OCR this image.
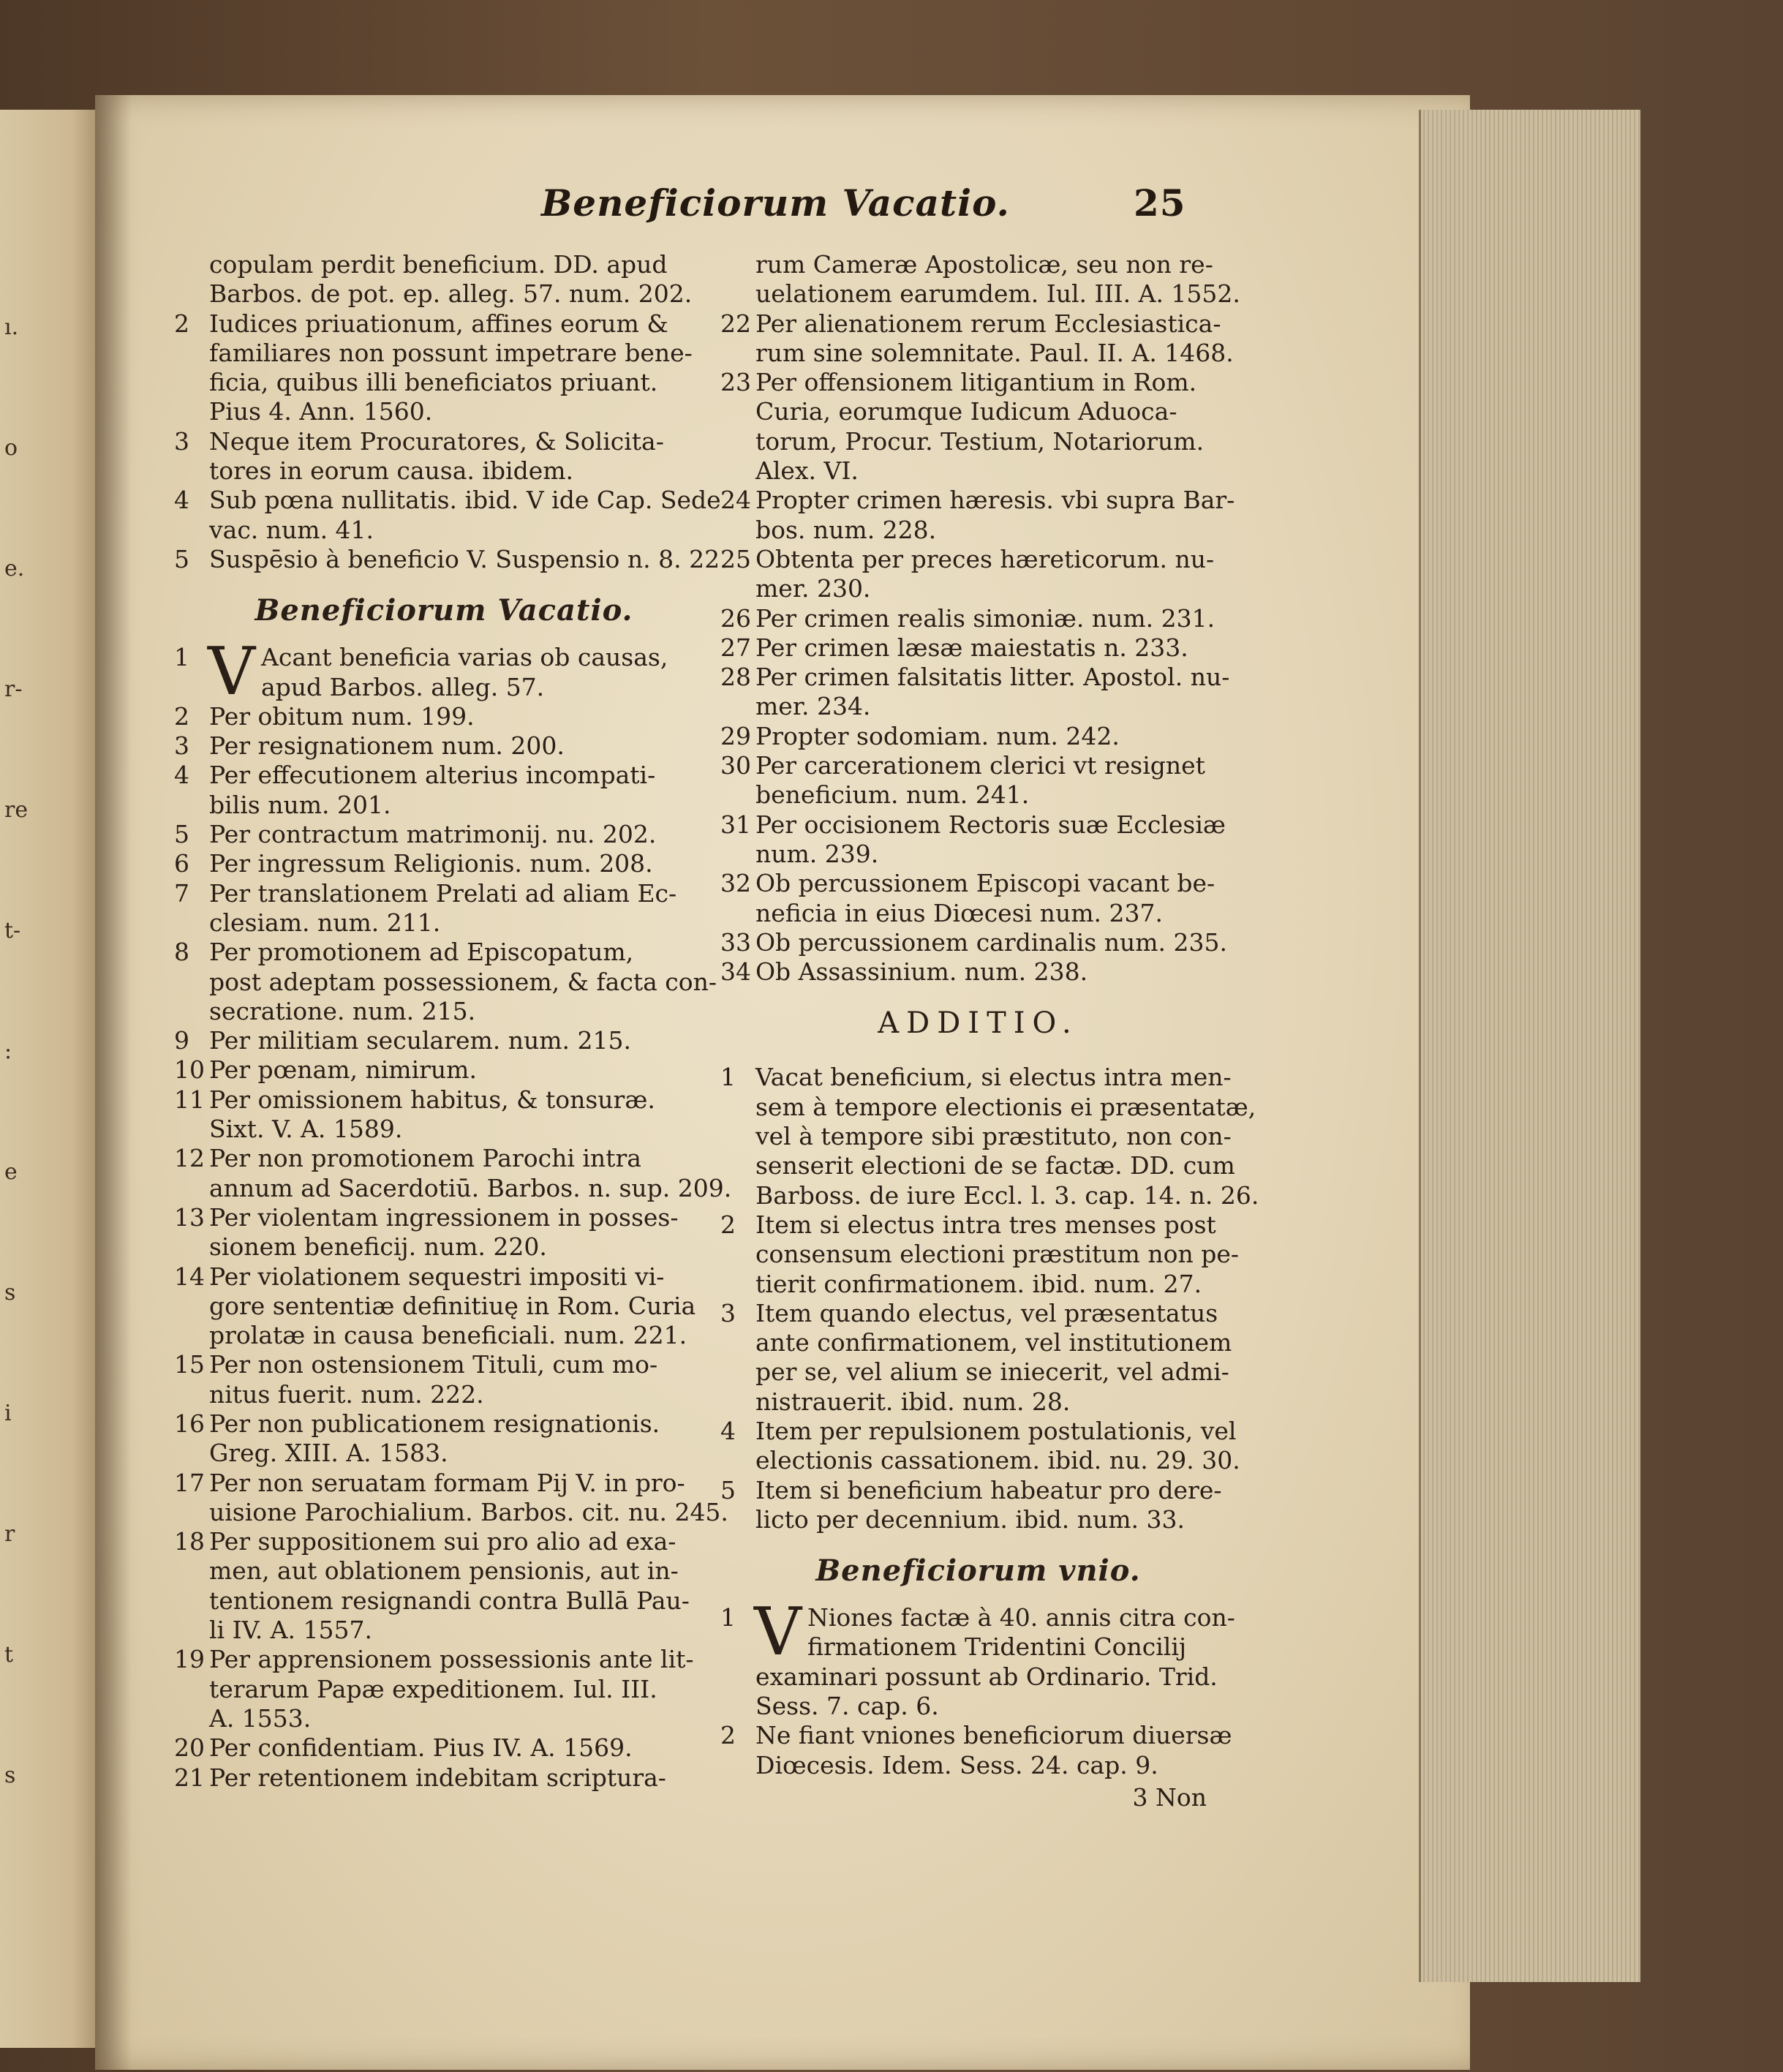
ı.
o
e.
r-
re
t-
:
e
s
i
r
t
s
Beneficiorum Vacatio.	25
copulam perdit beneficium. DD. apud
Barbos. de pot. ep. alleg. 57. num. 202.
2 Iudices priuationum, affines eorum &
familiares non possunt impetrare bene-
ficia, quibus illi beneficiatos priuant.
Pius 4. Ann. 1560.
3 Neque item Procuratores, & Solicita-
tores in eorum causa. ibidem.
4 Sub pœna nullitatis. ibid. V ide Cap. Sede
vac. num. 41.
5 Suspēsio à beneficio V. Suspensio n. 8. 22.
Beneficiorum Vacatio.
1 V Acant beneficia varias ob causas,
apud Barbos. alleg. 57.
2 Per obitum num. 199.
3 Per resignationem num. 200.
4 Per effecutionem alterius incompati-
bilis num. 201.
5 Per contractum matrimonij. nu. 202.
6 Per ingressum Religionis. num. 208.
7 Per translationem Prelati ad aliam Ec-
clesiam. num. 211.
8 Per promotionem ad Episcopatum,
post adeptam possessionem, & facta con-
secratione. num. 215.
9 Per militiam secularem. num. 215.
10 Per pœnam, nimirum.
11 Per omissionem habitus, & tonsuræ.
Sixt. V. A. 1589.
12 Per non promotionem Parochi intra
annum ad Sacerdotiū. Barbos. n. sup. 209.
13 Per violentam ingressionem in posses-
sionem beneficij. num. 220.
14 Per violationem sequestri impositi vi-
gore sententiæ definitiuę in Rom. Curia
prolatæ in causa beneficiali. num. 221.
15 Per non ostensionem Tituli, cum mo-
nitus fuerit. num. 222.
16 Per non publicationem resignationis.
Greg. XIII. A. 1583.
17 Per non seruatam formam Pij V. in pro-
uisione Parochialium. Barbos. cit. nu. 245.
18 Per suppositionem sui pro alio ad exa-
men, aut oblationem pensionis, aut in-
tentionem resignandi contra Bullā Pau-
li IV. A. 1557.
19 Per apprensionem possessionis ante lit-
terarum Papæ expeditionem. Iul. III.
A. 1553.
20 Per confidentiam. Pius IV. A. 1569.
21 Per retentionem indebitam scriptura-
rum Cameræ Apostolicæ, seu non re-
uelationem earumdem. Iul. III. A. 1552.
22 Per alienationem rerum Ecclesiastica-
rum sine solemnitate. Paul. II. A. 1468.
23 Per offensionem litigantium in Rom.
Curia, eorumque Iudicum Aduoca-
torum, Procur. Testium, Notariorum.
Alex. VI.
24 Propter crimen hæresis. vbi supra Bar-
bos. num. 228.
25 Obtenta per preces hæreticorum. nu-
mer. 230.
26 Per crimen realis simoniæ. num. 231.
27 Per crimen læsæ maiestatis n. 233.
28 Per crimen falsitatis litter. Apostol. nu-
mer. 234.
29 Propter sodomiam. num. 242.
30 Per carcerationem clerici vt resignet
beneficium. num. 241.
31 Per occisionem Rectoris suæ Ecclesiæ
num. 239.
32 Ob percussionem Episcopi vacant be-
neficia in eius Diœcesi num. 237.
33 Ob percussionem cardinalis num. 235.
34 Ob Assassinium. num. 238.
ADDITIO.
1 Vacat beneficium, si electus intra men-
sem à tempore electionis ei præsentatæ,
vel à tempore sibi præstituto, non con-
senserit electioni de se factæ. DD. cum
Barboss. de iure Eccl. l. 3. cap. 14. n. 26.
2 Item si electus intra tres menses post
consensum electioni præstitum non pe-
tierit confirmationem. ibid. num. 27.
3 Item quando electus, vel præsentatus
ante confirmationem, vel institutionem
per se, vel alium se iniecerit, vel admi-
nistrauerit. ibid. num. 28.
4 Item per repulsionem postulationis, vel
electionis cassationem. ibid. nu. 29. 30.
5 Item si beneficium habeatur pro dere-
licto per decennium. ibid. num. 33.
Beneficiorum vnio.
1 V Niones factæ à 40. annis citra con-
firmationem Tridentini Concilij
examinari possunt ab Ordinario. Trid.
Sess. 7. cap. 6.
2 Ne fiant vniones beneficiorum diuersæ
Diœcesis. Idem. Sess. 24. cap. 9.
3 Non
